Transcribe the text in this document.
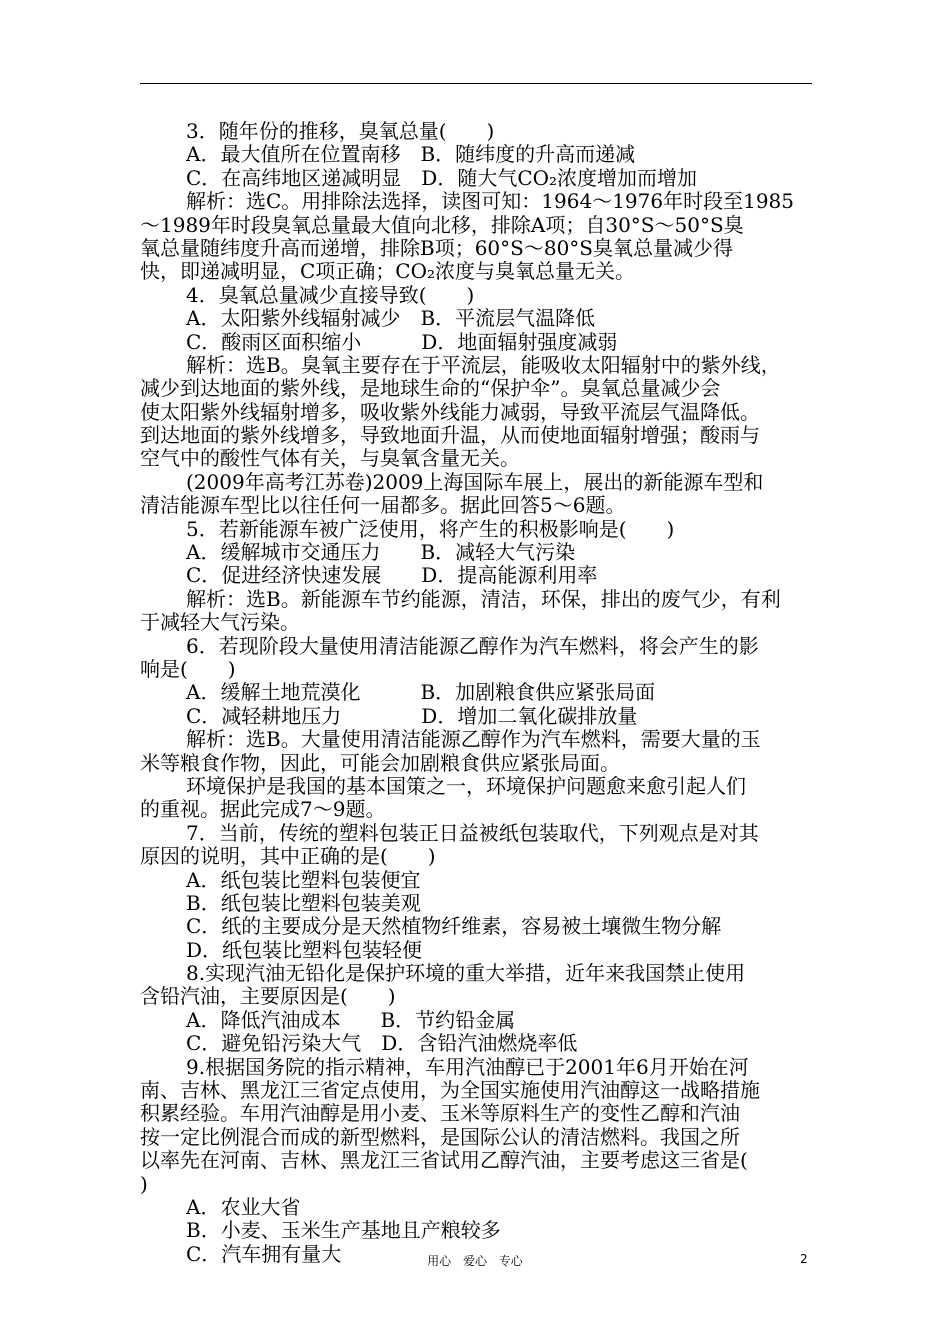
3．随年份的推移，臭氧总量(　　)
A．最大值所在位置南移　B．随纬度的升高而递减
C．在高纬地区递减明显　D．随大气CO₂浓度增加而增加
解析：选C。用排除法选择，读图可知：1964～1976年时段至1985
～1989年时段臭氧总量最大值向北移，排除A项；自30°S～50°S臭
氧总量随纬度升高而递增，排除B项；60°S～80°S臭氧总量减少得
快，即递减明显，C项正确；CO₂浓度与臭氧总量无关。
4．臭氧总量减少直接导致(　　)
A．太阳紫外线辐射减少　B．平流层气温降低
C．酸雨区面积缩小　　　D．地面辐射强度减弱
解析：选B。臭氧主要存在于平流层，能吸收太阳辐射中的紫外线，
减少到达地面的紫外线，是地球生命的“保护伞”。臭氧总量减少会
使太阳紫外线辐射增多，吸收紫外线能力减弱，导致平流层气温降低。
到达地面的紫外线增多，导致地面升温，从而使地面辐射增强；酸雨与
空气中的酸性气体有关，与臭氧含量无关。
(2009年高考江苏卷)2009上海国际车展上，展出的新能源车型和
清洁能源车型比以往任何一届都多。据此回答5～6题。
5．若新能源车被广泛使用，将产生的积极影响是(　　)
A．缓解城市交通压力　　B．减轻大气污染
C．促进经济快速发展　　D．提高能源利用率
解析：选B。新能源车节约能源，清洁，环保，排出的废气少，有利
于减轻大气污染。
6．若现阶段大量使用清洁能源乙醇作为汽车燃料，将会产生的影
响是(　　)
A．缓解土地荒漠化　　　B．加剧粮食供应紧张局面
C．减轻耕地压力　　　　D．增加二氧化碳排放量
解析：选B。大量使用清洁能源乙醇作为汽车燃料，需要大量的玉
米等粮食作物，因此，可能会加剧粮食供应紧张局面。
环境保护是我国的基本国策之一，环境保护问题愈来愈引起人们
的重视。据此完成7～9题。
7．当前，传统的塑料包装正日益被纸包装取代，下列观点是对其
原因的说明，其中正确的是(　　)
A．纸包装比塑料包装便宜
B．纸包装比塑料包装美观
C．纸的主要成分是天然植物纤维素，容易被土壤微生物分解
D．纸包装比塑料包装轻便
8.实现汽油无铅化是保护环境的重大举措，近年来我国禁止使用
含铅汽油，主要原因是(　　)
A．降低汽油成本　　B．节约铅金属
C．避免铅污染大气　D．含铅汽油燃烧率低
9.根据国务院的指示精神，车用汽油醇已于2001年6月开始在河
南、吉林、黑龙江三省定点使用，为全国实施使用汽油醇这一战略措施
积累经验。车用汽油醇是用小麦、玉米等原料生产的变性乙醇和汽油
按一定比例混合而成的新型燃料，是国际公认的清洁燃料。我国之所
以率先在河南、吉林、黑龙江三省试用乙醇汽油，主要考虑这三省是(
)
A．农业大省
B．小麦、玉米生产基地且产粮较多
C．汽车拥有量大	用心 爱心 专心	2
